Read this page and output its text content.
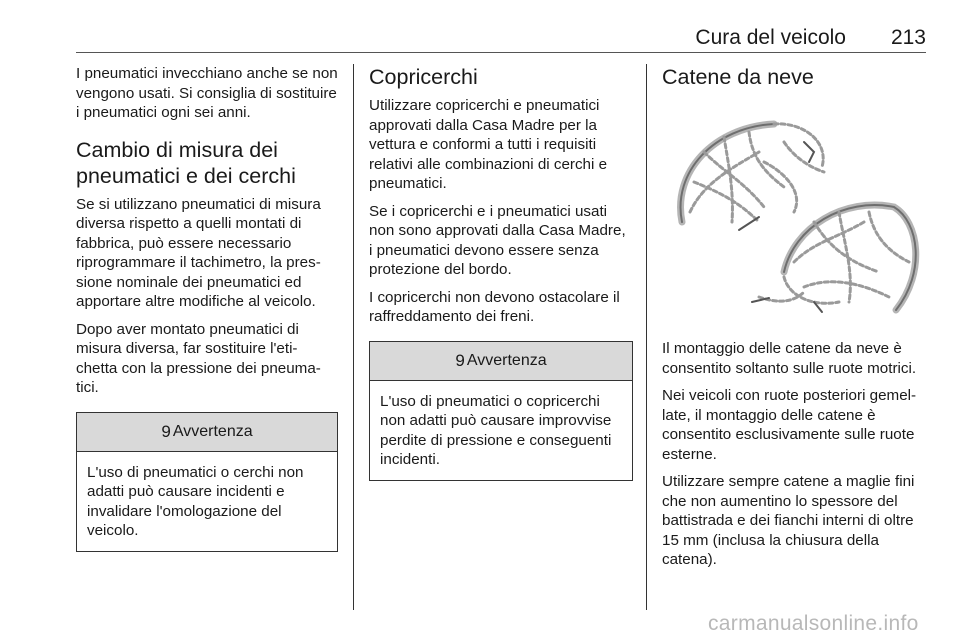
Cura del veicolo 213

I pneumatici invecchiano anche se non vengono usati. Si consiglia di sostituire i pneumatici ogni sei anni.

Cambio di misura dei pneumatici e dei cerchi

Se si utilizzano pneumatici di misura diversa rispetto a quelli montati di fabbrica, può essere necessario riprogrammare il tachimetro, la pres-sione nominale dei pneumatici ed apportare altre modifiche al veicolo.

Dopo aver montato pneumatici di misura diversa, far sostituire l'eti-chetta con la pressione dei pneuma-tici.

9 Avvertenza

L'uso di pneumatici o cerchi non adatti può causare incidenti e invalidare l'omologazione del veicolo.

Copricerchi

Utilizzare copricerchi e pneumatici approvati dalla Casa Madre per la vettura e conformi a tutti i requisiti relativi alle combinazioni di cerchi e pneumatici.

Se i copricerchi e i pneumatici usati non sono approvati dalla Casa Madre, i pneumatici devono essere senza protezione del bordo.

I copricerchi non devono ostacolare il raffreddamento dei freni.

9 Avvertenza

L'uso di pneumatici o copricerchi non adatti può causare improvvise perdite di pressione e conseguenti incidenti.

Catene da neve

Il montaggio delle catene da neve è consentito soltanto sulle ruote motrici.

Nei veicoli con ruote posteriori gemel-late, il montaggio delle catene è consentito esclusivamente sulle ruote esterne.

Utilizzare sempre catene a maglie fini che non aumentino lo spessore del battistrada e dei fianchi interni di oltre 15 mm (inclusa la chiusura della catena).

carmanualsonline.info
